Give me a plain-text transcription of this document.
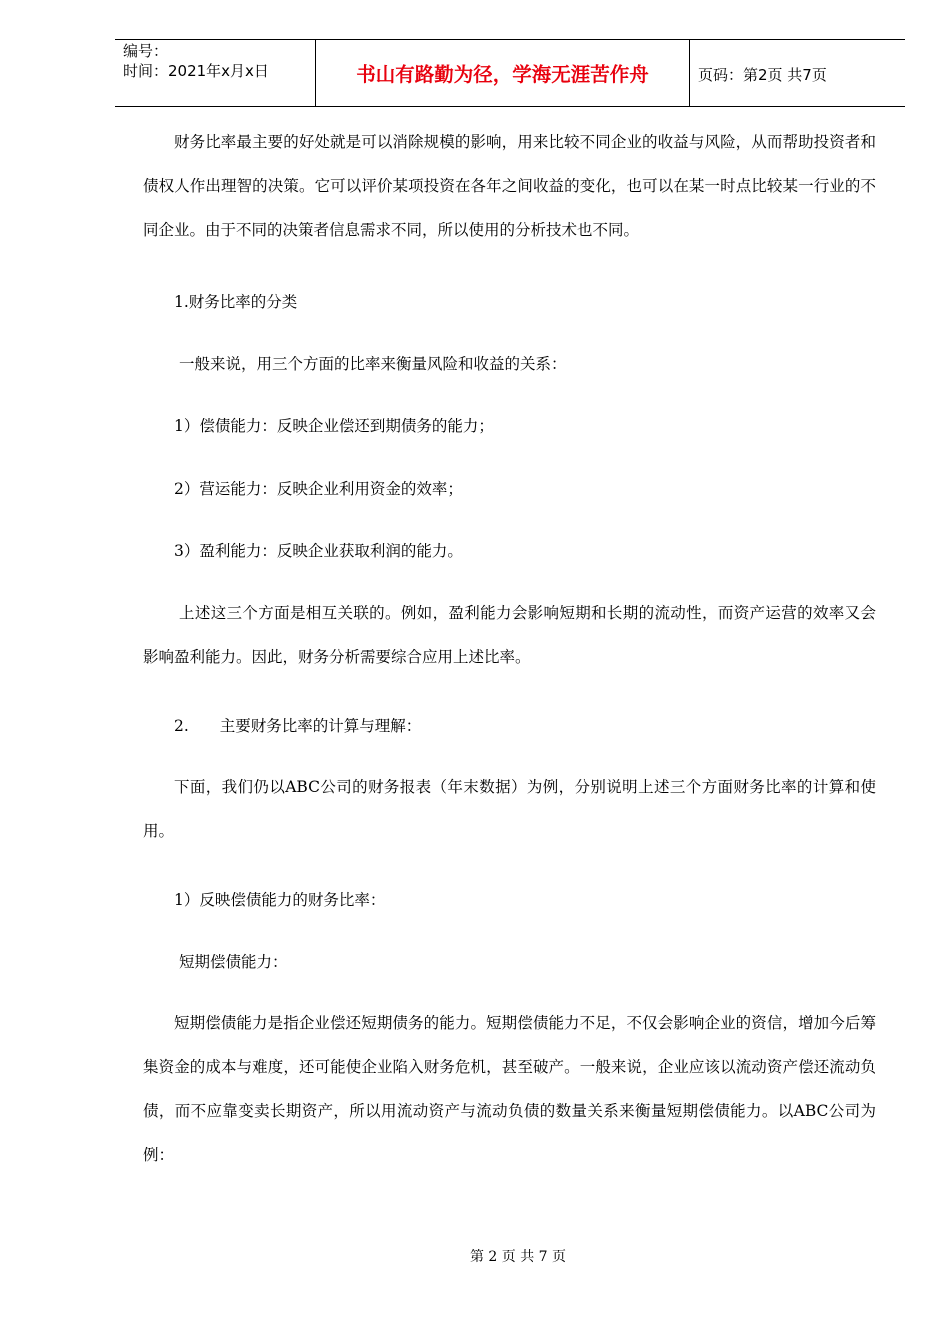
编号：
时间：2021年x月x日	书山有路勤为径，学海无涯苦作舟	页码：第2页 共7页

财务比率最主要的好处就是可以消除规模的影响，用来比较不同企业的收益与风险，从而帮助投资者和债权人作出理智的决策。它可以评价某项投资在各年之间收益的变化，也可以在某一时点比较某一行业的不同企业。由于不同的决策者信息需求不同，所以使用的分析技术也不同。

1.财务比率的分类

一般来说，用三个方面的比率来衡量风险和收益的关系：

1）偿债能力：反映企业偿还到期债务的能力；

2）营运能力：反映企业利用资金的效率；

3）盈利能力：反映企业获取利润的能力。

上述这三个方面是相互关联的。例如，盈利能力会影响短期和长期的流动性，而资产运营的效率又会影响盈利能力。因此，财务分析需要综合应用上述比率。

2.　　主要财务比率的计算与理解：

下面，我们仍以ABC公司的财务报表（年末数据）为例，分别说明上述三个方面财务比率的计算和使用。

1）反映偿债能力的财务比率：

短期偿债能力：

短期偿债能力是指企业偿还短期债务的能力。短期偿债能力不足，不仅会影响企业的资信，增加今后筹集资金的成本与难度，还可能使企业陷入财务危机，甚至破产。一般来说，企业应该以流动资产偿还流动负债，而不应靠变卖长期资产，所以用流动资产与流动负债的数量关系来衡量短期偿债能力。以ABC公司为例：

第 2 页 共 7 页
